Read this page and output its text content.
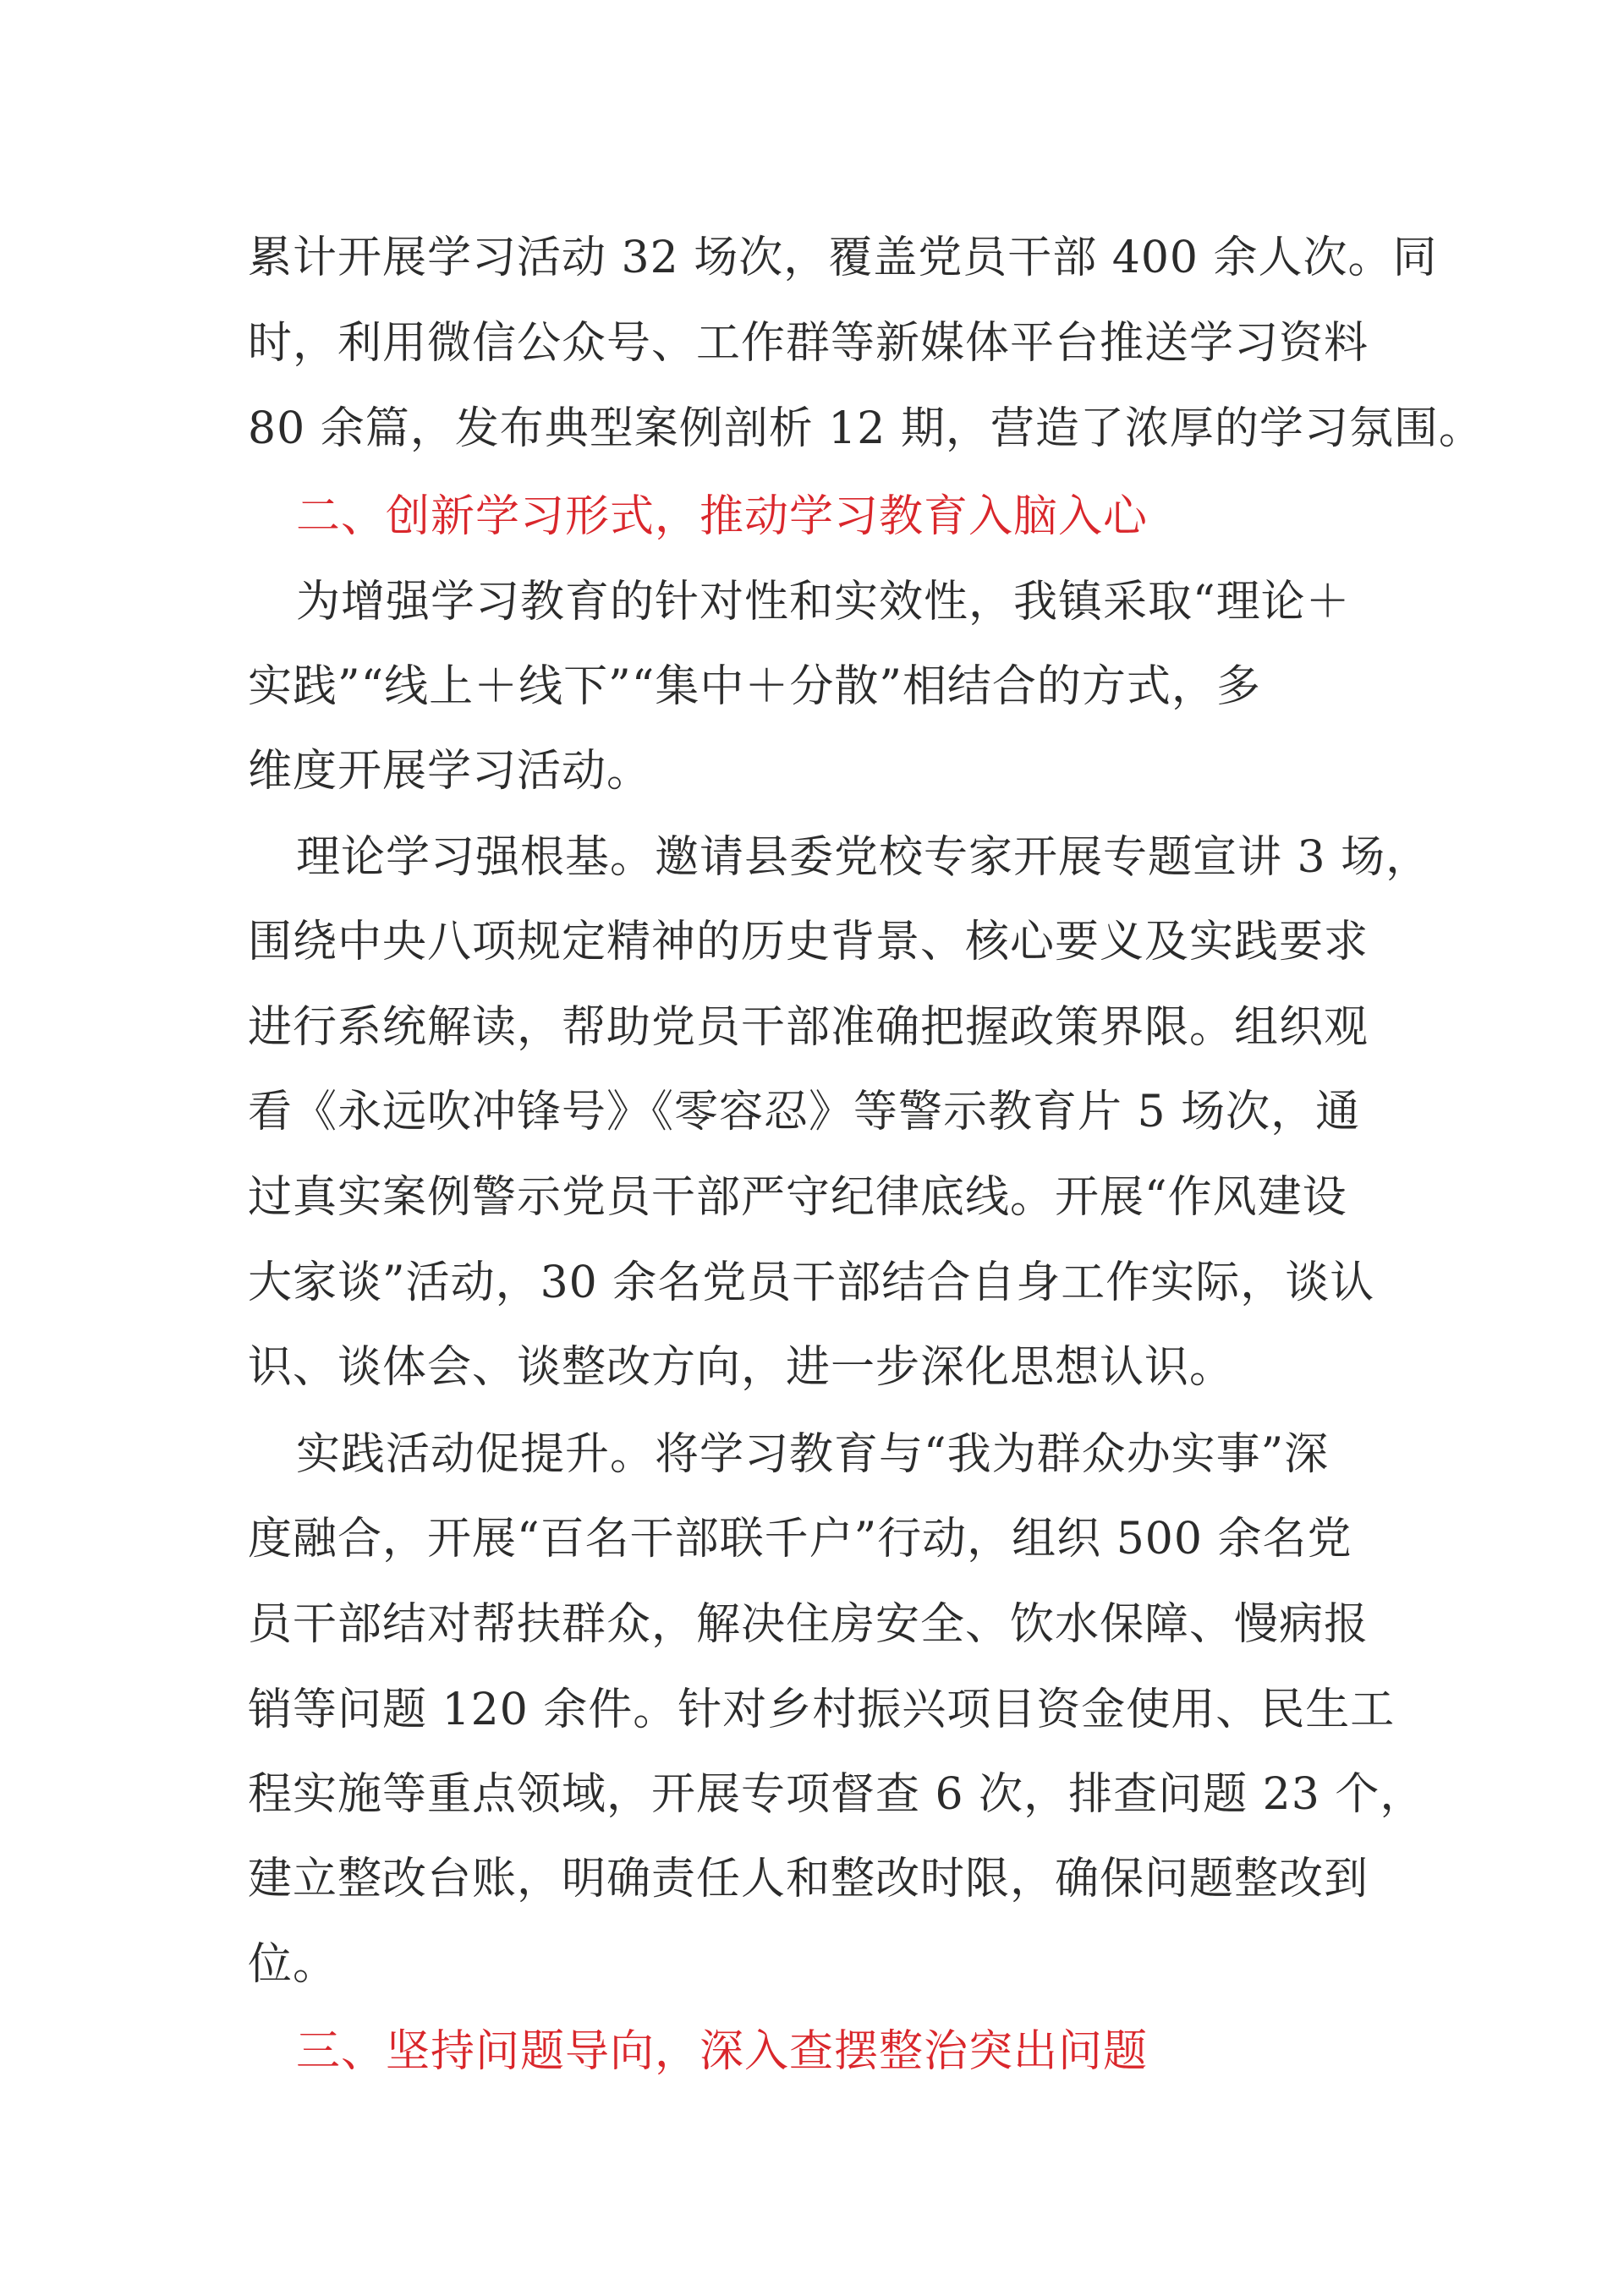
累计开展学习活动 32 场次，覆盖党员干部 400 余人次。同
时，利用微信公众号、工作群等新媒体平台推送学习资料
80 余篇，发布典型案例剖析 12 期，营造了浓厚的学习氛围。
二、创新学习形式，推动学习教育入脑入心
为增强学习教育的针对性和实效性，我镇采取“理论＋
实践”“线上＋线下”“集中＋分散”相结合的方式，多
维度开展学习活动。
理论学习强根基。邀请县委党校专家开展专题宣讲 3 场，
围绕中央八项规定精神的历史背景、核心要义及实践要求
进行系统解读，帮助党员干部准确把握政策界限。组织观
看《永远吹冲锋号》《零容忍》等警示教育片 5 场次，通
过真实案例警示党员干部严守纪律底线。开展“作风建设
大家谈”活动，30 余名党员干部结合自身工作实际，谈认
识、谈体会、谈整改方向，进一步深化思想认识。
实践活动促提升。将学习教育与“我为群众办实事”深
度融合，开展“百名干部联千户”行动，组织 500 余名党
员干部结对帮扶群众，解决住房安全、饮水保障、慢病报
销等问题 120 余件。针对乡村振兴项目资金使用、民生工
程实施等重点领域，开展专项督查 6 次，排查问题 23 个，
建立整改台账，明确责任人和整改时限，确保问题整改到
位。
三、坚持问题导向，深入查摆整治突出问题
